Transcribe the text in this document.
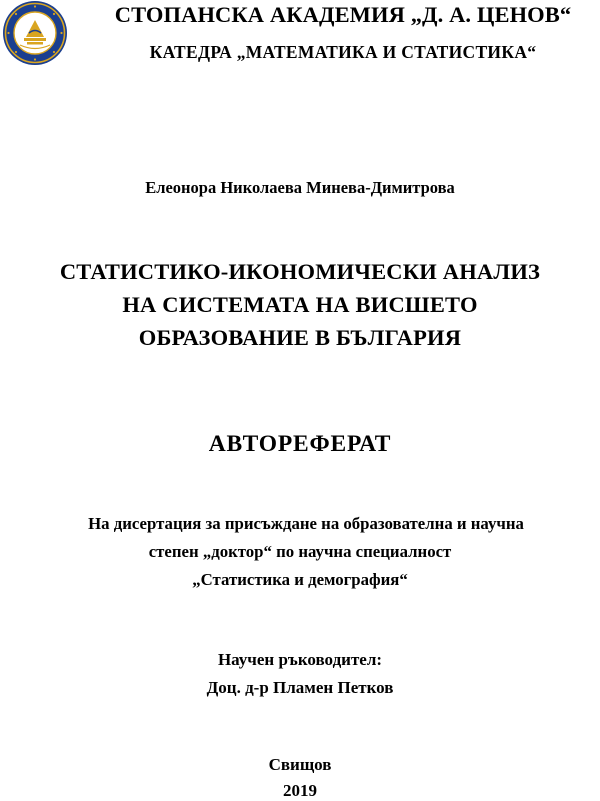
СТОПАНСКА АКАДЕМИЯ „Д. А. ЦЕНОВ“
КАТЕДРА „МАТЕМАТИКА И СТАТИСТИКА“
Елеонора Николаева Минева-Димитрова
СТАТИСТИКО-ИКОНОМИЧЕСКИ АНАЛИЗ
НА СИСТЕМАТА НА ВИСШЕТО
ОБРАЗОВАНИЕ В БЪЛГАРИЯ
АВТОРЕФЕРАТ
На дисертация за присъждане на образователна и научна
степен „доктор“ по научна специалност
„Статистика и демография“
Научен ръководител:
Доц. д-р Пламен Петков
Свищов
2019
